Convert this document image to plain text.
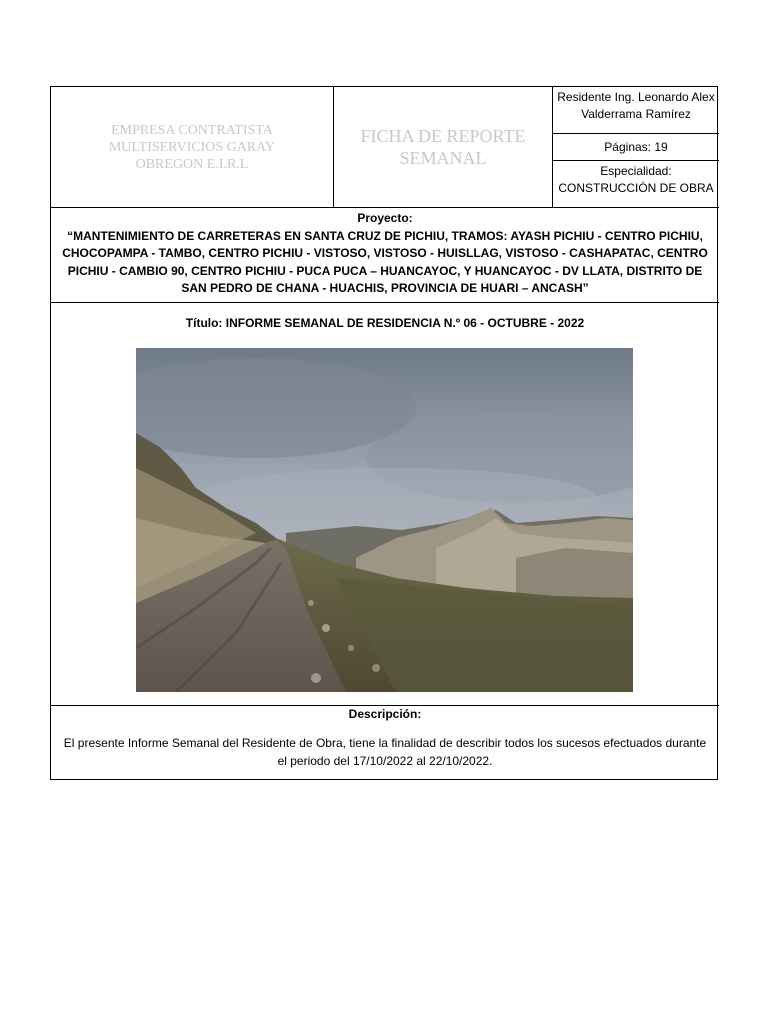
EMPRESA CONTRATISTA MULTISERVICIOS GARAY OBREGON E.I.R.L
FICHA DE REPORTE SEMANAL
Residente Ing. Leonardo Alex Valderrama Ramírez
Páginas: 19
Especialidad:
CONSTRUCCIÓN DE OBRA
Proyecto:
“MANTENIMIENTO DE CARRETERAS EN SANTA CRUZ DE PICHIU, TRAMOS: AYASH PICHIU - CENTRO PICHIU, CHOCOPAMPA - TAMBO, CENTRO PICHIU - VISTOSO, VISTOSO - HUISLLAG, VISTOSO - CASHAPATAC, CENTRO PICHIU - CAMBIO 90, CENTRO PICHIU - PUCA PUCA – HUANCAYOC, Y HUANCAYOC - DV LLATA, DISTRITO DE SAN PEDRO DE CHANA - HUACHIS, PROVINCIA DE HUARI – ANCASH”
Título: INFORME SEMANAL DE RESIDENCIA N.º 06 - OCTUBRE - 2022
Descripción:
El presente Informe Semanal del Residente de Obra, tiene la finalidad de describir todos los sucesos efectuados durante el periodo del 17/10/2022 al 22/10/2022.
